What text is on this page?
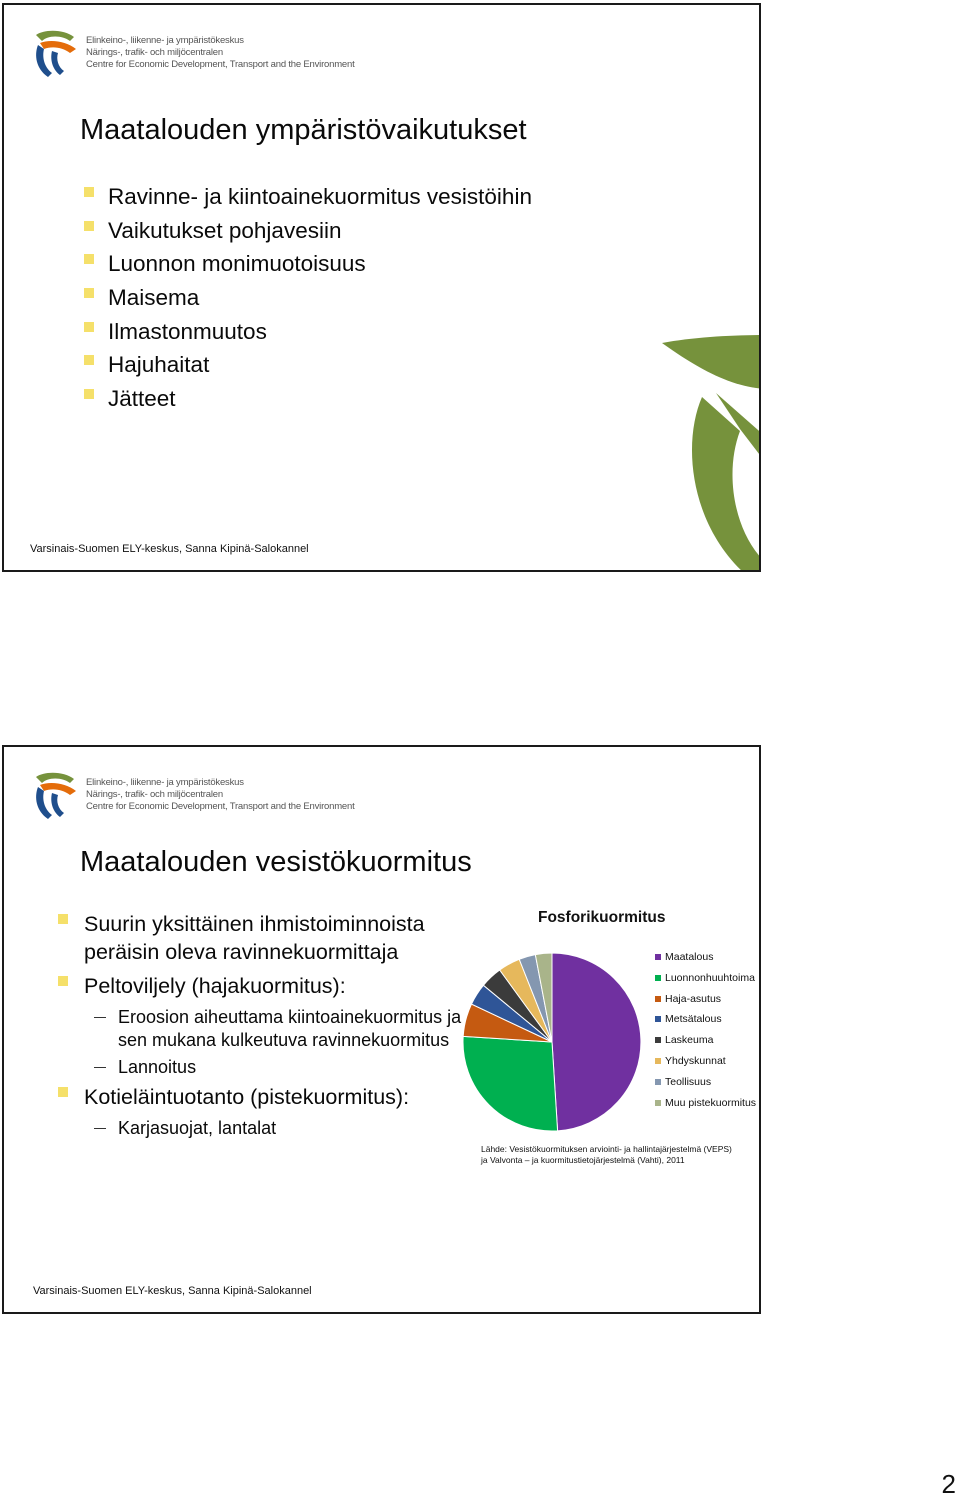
Elinkeino-, liikenne- ja ympäristökeskus
Närings-, trafik- och miljöcentralen
Centre for Economic Development, Transport and the Environment
Maatalouden ympäristövaikutukset
Ravinne- ja kiintoainekuormitus vesistöihin
Vaikutukset pohjavesiin
Luonnon monimuotoisuus
Maisema
Ilmastonmuutos
Hajuhaitat
Jätteet
Varsinais-Suomen ELY-keskus, Sanna Kipinä-Salokannel
Elinkeino-, liikenne- ja ympäristökeskus
Närings-, trafik- och miljöcentralen
Centre for Economic Development, Transport and the Environment
Maatalouden vesistökuormitus
Suurin yksittäinen ihmistoiminnoista peräisin oleva ravinnekuormittaja
Peltoviljely (hajakuormitus):
Eroosion aiheuttama kiintoainekuormitus ja sen mukana kulkeutuva ravinnekuormitus
Lannoitus
Kotieläintuotanto (pistekuormitus):
Karjasuojat, lantalat
Fosforikuormitus
Maatalous
Luonnonhuuhtoima
Haja-asutus
Metsätalous
Laskeuma
Yhdyskunnat
Teollisuus
Muu pistekuormitus
Lähde: Vesistökuormituksen arviointi- ja hallintajärjestelmä (VEPS)
ja Valvonta – ja kuormitustietojärjestelmä (Vahti), 2011
Varsinais-Suomen ELY-keskus, Sanna Kipinä-Salokannel
2
